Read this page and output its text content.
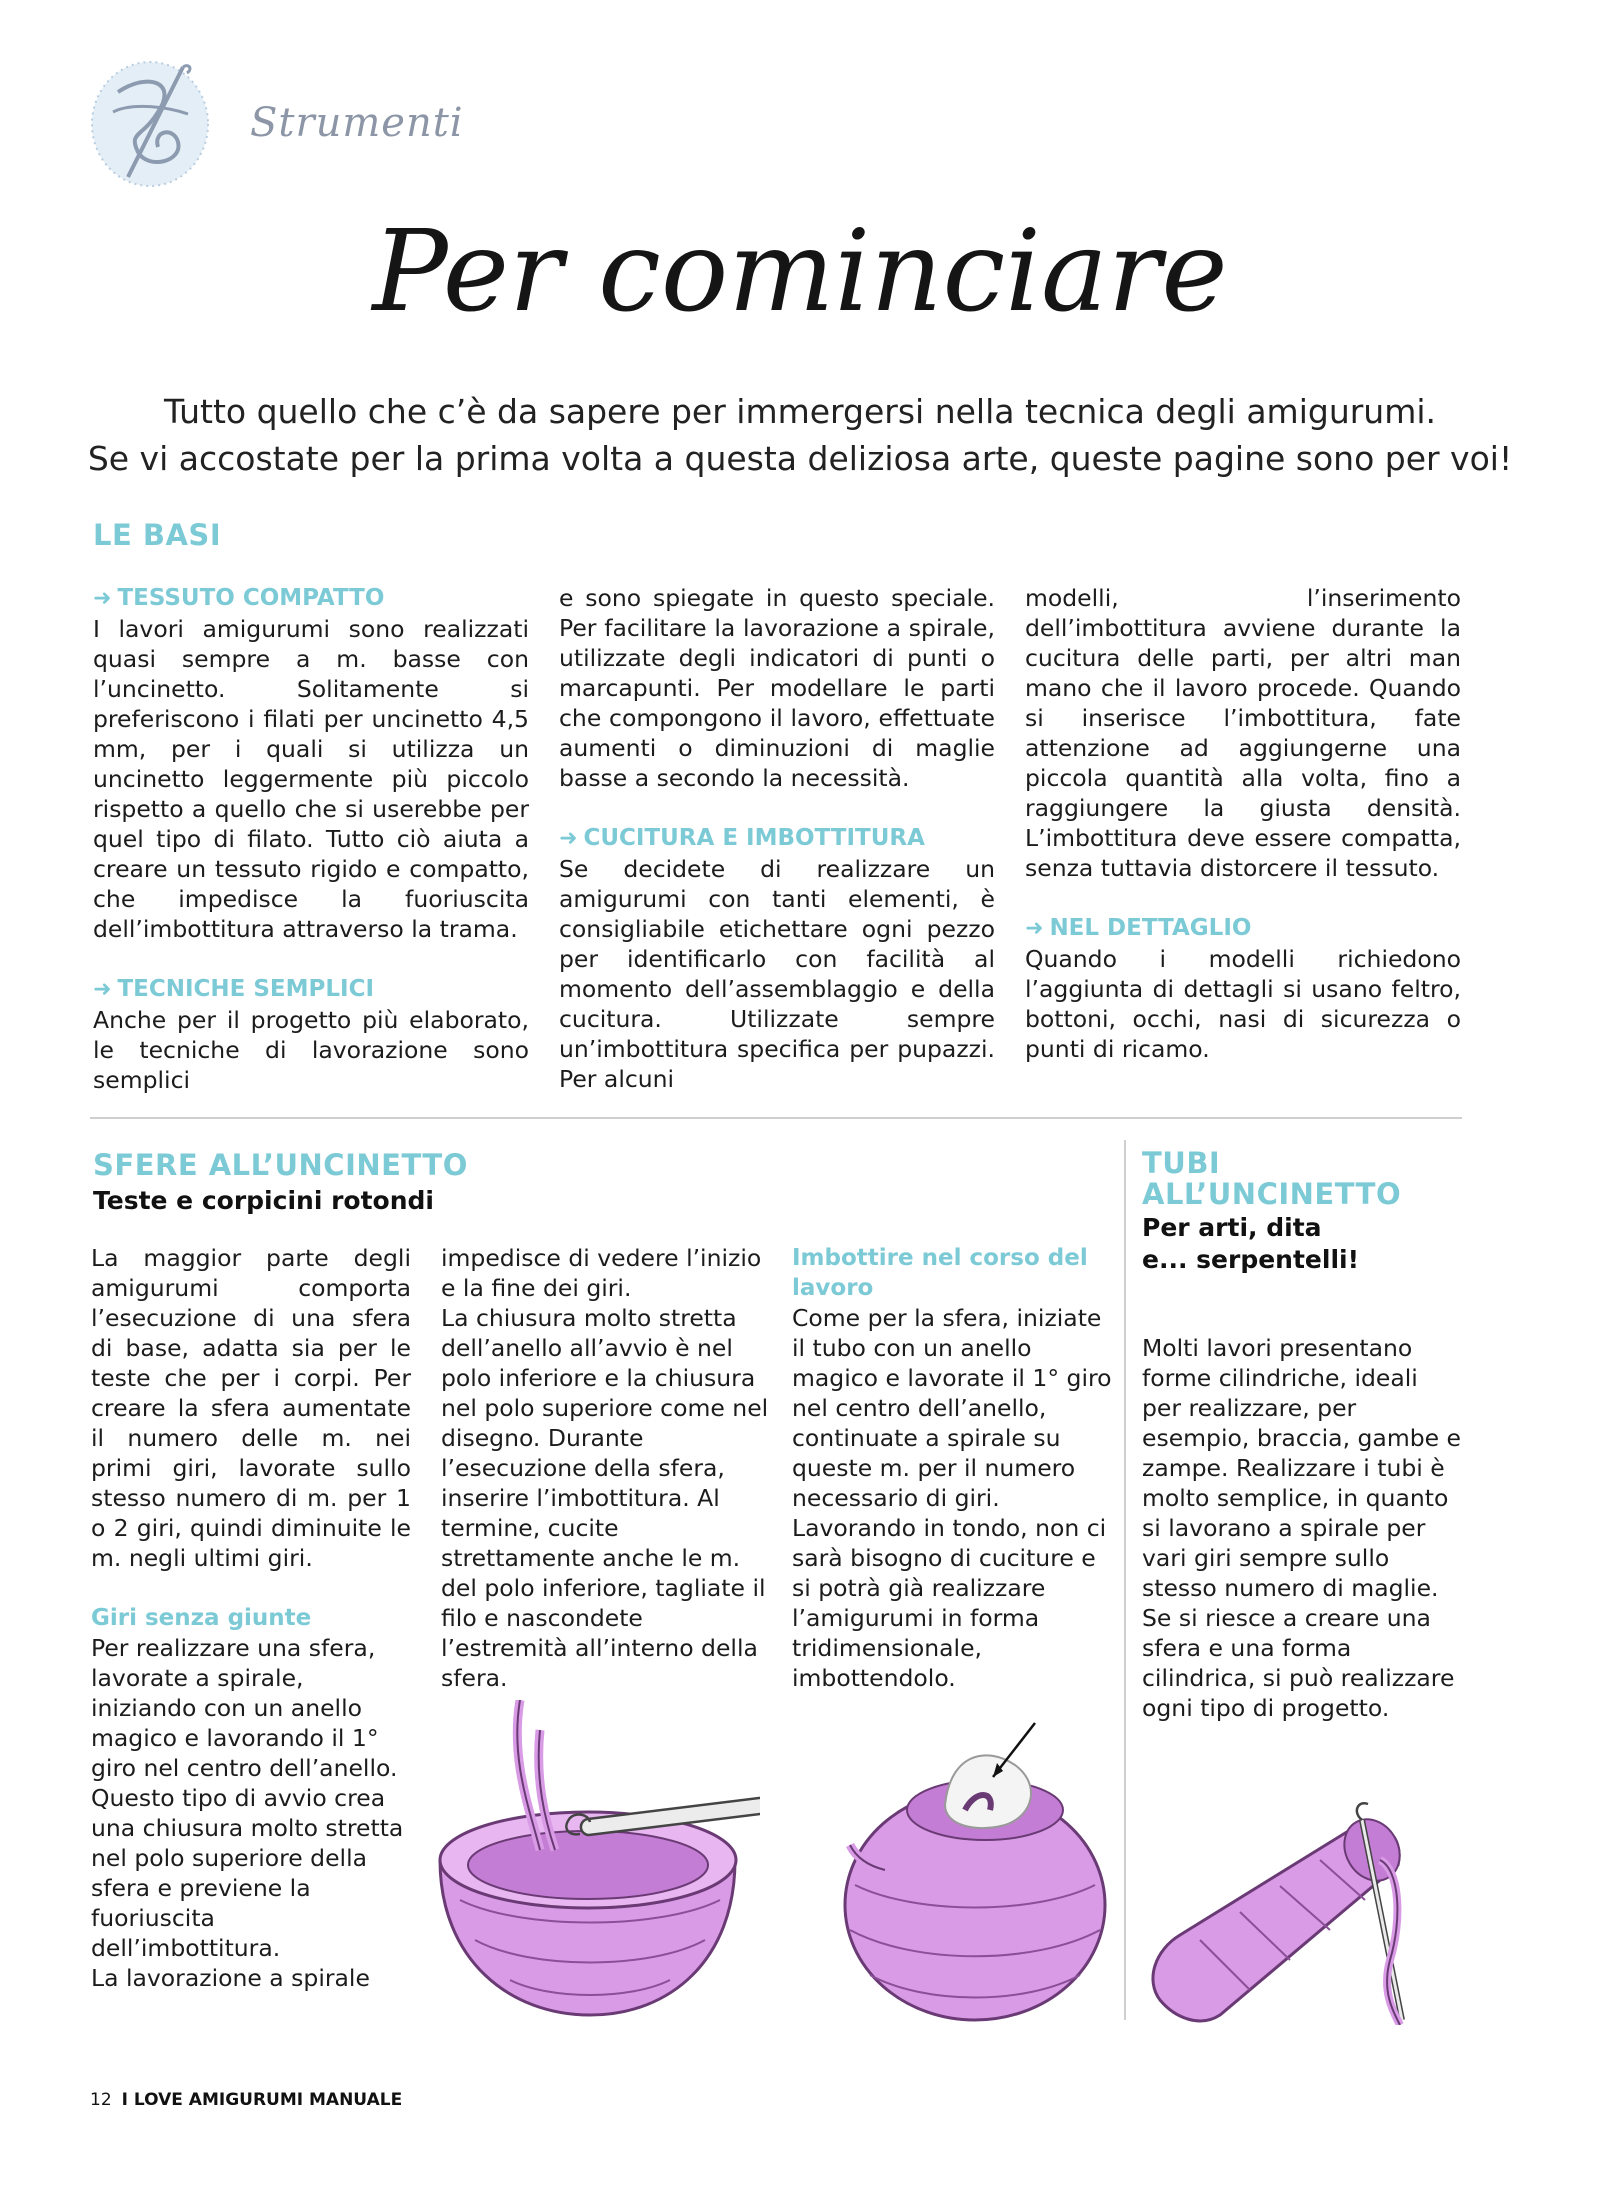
Strumenti
Per cominciare
Tutto quello che c’è da sapere per immergersi nella tecnica degli amigurumi.
Se vi accostate per la prima volta a questa deliziosa arte, queste pagine sono per voi!
LE BASI
➜ TESSUTO COMPATTO

I lavori amigurumi sono realizzati quasi sempre a m. basse con l’uncinetto. Solitamente si preferiscono i filati per uncinetto 4,5 mm, per i quali si utilizza un uncinetto leggermente più piccolo rispetto a quello che si userebbe per quel tipo di filato. Tutto ciò aiuta a creare un tessuto rigido e compatto, che impedisce la fuoriuscita dell’imbottitura attraverso la trama.

➜ TECNICHE SEMPLICI

Anche per il progetto più elaborato, le tecniche di lavorazione sono semplici

e sono spiegate in questo speciale. Per facilitare la lavorazione a spirale, utilizzate degli indicatori di punti o marcapunti. Per modellare le parti che compongono il lavoro, effettuate aumenti o diminuzioni di maglie basse a secondo la necessità.

➜ CUCITURA E IMBOTTITURA

Se decidete di realizzare un amigurumi con tanti elementi, è consigliabile etichettare ogni pezzo per identificarlo con facilità al momento dell’assemblaggio e della cucitura. Utilizzate sempre un’imbottitura specifica per pupazzi. Per alcuni

modelli, l’inserimento dell’imbottitura avviene durante la cucitura delle parti, per altri man mano che il lavoro procede. Quando si inserisce l’imbottitura, fate attenzione ad aggiungerne una piccola quantità alla volta, fino a raggiungere la giusta densità. L’imbottitura deve essere compatta, senza tuttavia distorcere il tessuto.

➜ NEL DETTAGLIO

Quando i modelli richiedono l’aggiunta di dettagli si usano feltro, bottoni, occhi, nasi di sicurezza o punti di ricamo.

SFERE ALL’UNCINETTO
Teste e corpicini rotondi

La maggior parte degli amigurumi comporta l’esecuzione di una sfera di base, adatta sia per le teste che per i corpi. Per creare la sfera aumentate il numero delle m. nei primi giri, lavorate sullo stesso numero di m. per 1 o 2 giri, quindi diminuite le m. negli ultimi giri.

Giri senza giunte

Per realizzare una sfera, lavorate a spirale, iniziando con un anello magico e lavorando il 1° giro nel centro dell’anello.

Questo tipo di avvio crea una chiusura molto stretta nel polo superiore della sfera e previene la fuoriuscita dell’imbottitura.

La lavorazione a spirale

impedisce di vedere l’inizio e la fine dei giri.

La chiusura molto stretta dell’anello all’avvio è nel polo inferiore e la chiusura nel polo superiore come nel disegno. Durante l’esecuzione della sfera, inserire l’imbottitura. Al termine, cucite strettamente anche le m. del polo inferiore, tagliate il filo e nascondete l’estremità all’interno della sfera.

Imbottire nel corso del lavoro

Come per la sfera, iniziate il tubo con un anello magico e lavorate il 1° giro nel centro dell’anello, continuate a spirale su queste m. per il numero necessario di giri. Lavorando in tondo, non ci sarà bisogno di cuciture e si potrà già realizzare l’amigurumi in forma tridimensionale, imbottendolo.

TUBI ALL’UNCINETTO
Per arti, dita e... serpentelli!

Molti lavori presentano forme cilindriche, ideali per realizzare, per esempio, braccia, gambe e zampe. Realizzare i tubi è molto semplice, in quanto si lavorano a spirale per vari giri sempre sullo stesso numero di maglie. Se si riesce a creare una sfera e una forma cilindrica, si può realizzare ogni tipo di progetto.

12 I LOVE AMIGURUMI MANUALE
